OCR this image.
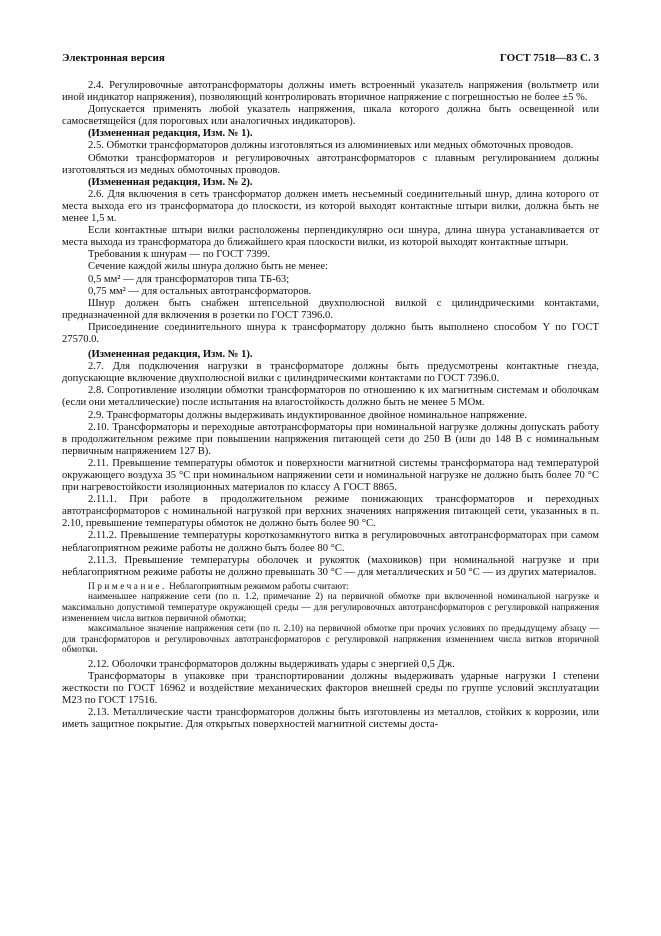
Электронная версия	ГОСТ 7518—83 С. 3

2.4. Регулировочные автотрансформаторы должны иметь встроенный указатель напряжения (вольтметр или иной индикатор напряжения), позволяющий контролировать вторичное напряжение с погрешностью не более ±5 %.

Допускается применять любой указатель напряжения, шкала которого должна быть освещенной или самосветящейся (для пороговых или аналогичных индикаторов).

(Измененная редакция, Изм. № 1).

2.5. Обмотки трансформаторов должны изготовляться из алюминиевых или медных обмоточных проводов.

Обмотки трансформаторов и регулировочных автотрансформаторов с плавным регулированием должны изготовляться из медных обмоточных проводов.

(Измененная редакция, Изм. № 2).

2.6. Для включения в сеть трансформатор должен иметь несъемный соединительный шнур, длина которого от места выхода его из трансформатора до плоскости, из которой выходят контактные штыри вилки, должна быть не менее 1,5 м.

Если контактные штыри вилки расположены перпендикулярно оси шнура, длина шнура устанавливается от места выхода из трансформатора до ближайшего края плоскости вилки, из которой выходят контактные штыри.

Требования к шнурам — по ГОСТ 7399.

Сечение каждой жилы шнура должно быть не менее:

0,5 мм² — для трансформаторов типа ТБ-63;

0,75 мм² — для остальных автотрансформаторов.

Шнур должен быть снабжен штепсельной двухполюсной вилкой с цилиндрическими контактами, предназначенной для включения в розетки по ГОСТ 7396.0.

Присоединение соединительного шнура к трансформатору должно быть выполнено способом Y по ГОСТ 27570.0.

(Измененная редакция, Изм. № 1).

2.7. Для подключения нагрузки в трансформаторе должны быть предусмотрены контактные гнезда, допускающие включение двухполюсной вилки с цилиндрическими контактами по ГОСТ 7396.0.

2.8. Сопротивление изоляции обмотки трансформаторов по отношению к их магнитным системам и оболочкам (если они металлические) после испытания на влагостойкость должно быть не менее 5 МОм.

2.9. Трансформаторы должны выдерживать индуктированное двойное номинальное напряжение.

2.10. Трансформаторы и переходные автотрансформаторы при номинальной нагрузке должны допускать работу в продолжительном режиме при повышении напряжения питающей сети до 250 В (или до 148 В с номинальным первичным напряжением 127 В).

2.11. Превышение температуры обмоток и поверхности магнитной системы трансформатора над температурой окружающего воздуха 35 °С при номинальном напряжении сети и номинальной нагрузке не должно быть более 70 °С при нагревостойкости изоляционных материалов по классу А ГОСТ 8865.

2.11.1. При работе в продолжительном режиме понижающих трансформаторов и переходных автотрансформаторов с номинальной нагрузкой при верхних значениях напряжения питающей сети, указанных в п. 2.10, превышение температуры обмоток не должно быть более 90 °С.

2.11.2. Превышение температуры короткозамкнутого витка в регулировочных автотрансформаторах при самом неблагоприятном режиме работы не должно быть более 80 °С.

2.11.3. Превышение температуры оболочек и рукояток (маховиков) при номинальной нагрузке и при неблагоприятном режиме работы не должно превышать 30 °С — для металлических и 50 °С — из других материалов.

Примечание. Неблагоприятным режимом работы считают:

наименьшее напряжение сети (по п. 1.2, примечание 2) на первичной обмотке при включенной номинальной нагрузке и максимально допустимой температуре окружающей среды — для регулировочных автотрансформаторов с регулировкой напряжения изменением числа витков первичной обмотки;

максимальное значение напряжения сети (по п. 2.10) на первичной обмотке при прочих условиях по предыдущему абзацу — для трансформаторов и регулировочных автотрансформаторов с регулировкой напряжения изменением числа витков вторичной обмотки.

2.12. Оболочки трансформаторов должны выдерживать удары с энергией 0,5 Дж.

Трансформаторы в упаковке при транспортировании должны выдерживать ударные нагрузки I степени жесткости по ГОСТ 16962 и воздействие механических факторов внешней среды по группе условий эксплуатации М23 по ГОСТ 17516.

2.13. Металлические части трансформаторов должны быть изготовлены из металлов, стойких к коррозии, или иметь защитное покрытие. Для открытых поверхностей магнитной системы доста-
